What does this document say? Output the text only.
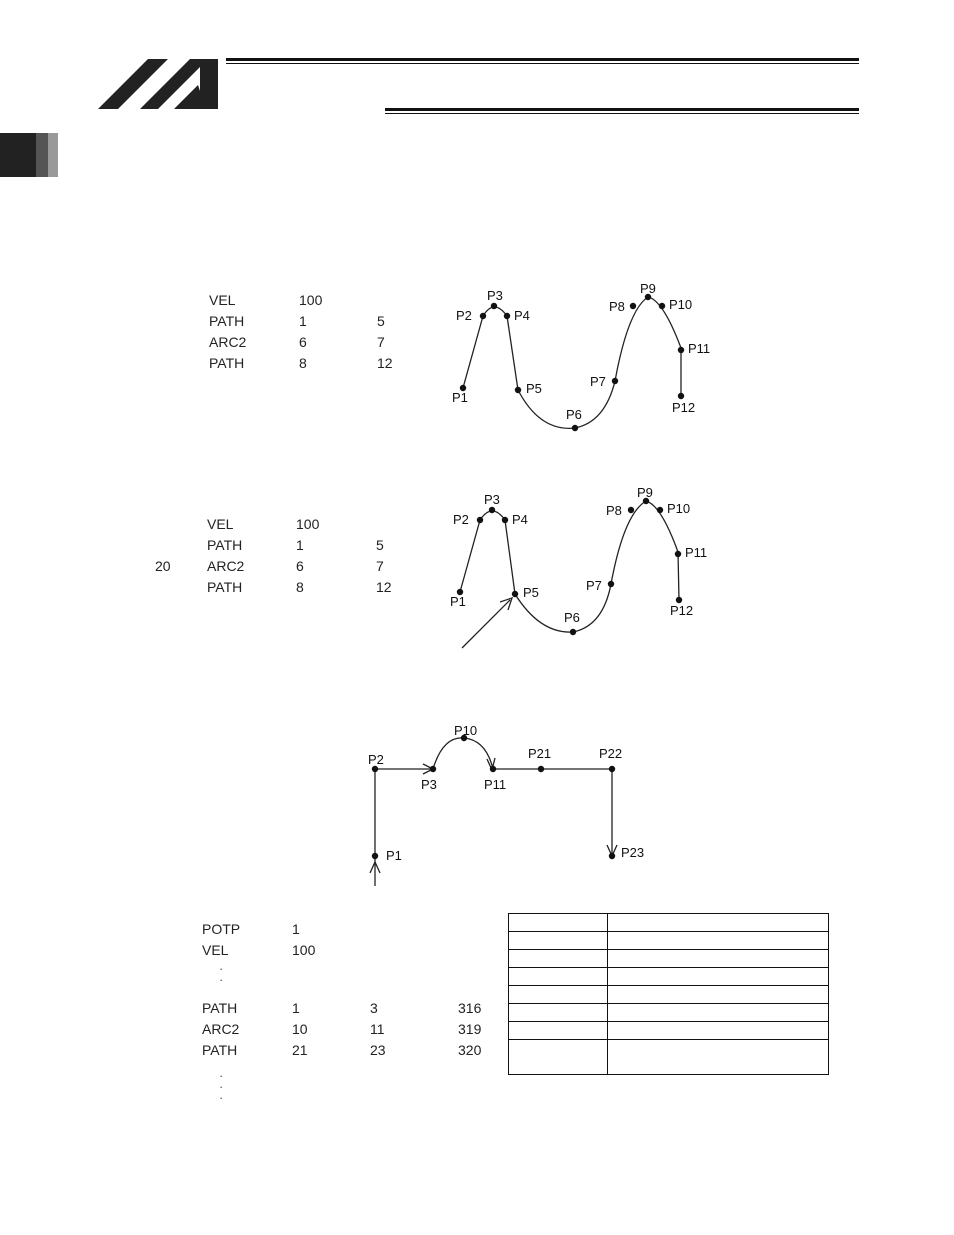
VEL	100
PATH	1	5
ARC2	6	7
PATH	8	12
P1
P2
P3
P4
P5
P6
P7
P8
P9
P10
P11
P12
VEL	100
PATH	1	5
20	ARC2	6	7
PATH	8	12
P1
P2
P3
P4
P5
P6
P7
P8
P9
P10
P11
P12
P1
P2
P3
P10
P11
P21	P22
P23
POTP	1
VEL	100
PATH	1	3	316
ARC2	10	11	319
PATH	21	23	320
·
·
·
·
·
